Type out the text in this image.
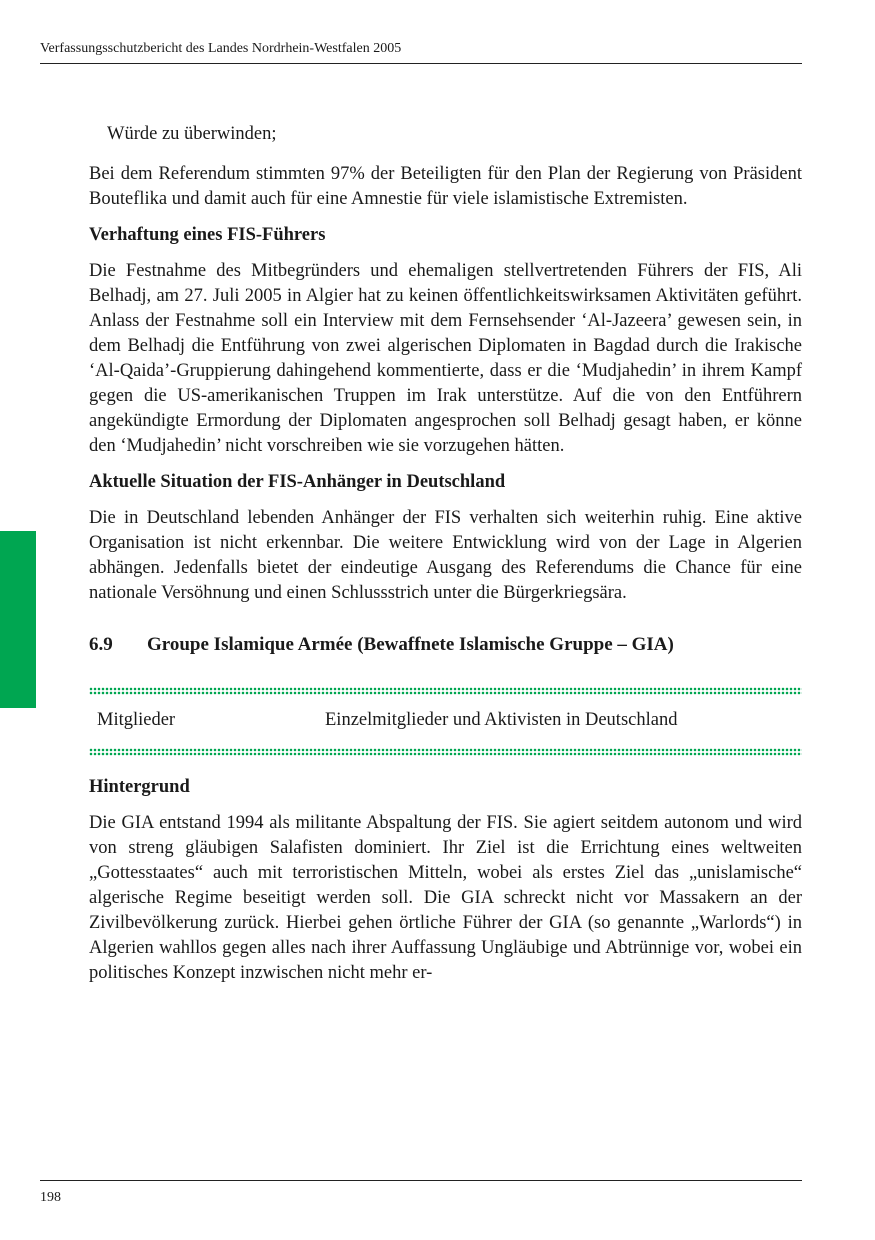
Verfassungsschutzbericht des Landes Nordrhein-Westfalen 2005

Würde zu überwinden;

Bei dem Referendum stimmten 97% der Beteiligten für den Plan der Regierung von Präsident Bouteflika und damit auch für eine Amnestie für viele islamistische Extremisten.

Verhaftung eines FIS-Führers

Die Festnahme des Mitbegründers und ehemaligen stellvertretenden Führers der FIS, Ali Belhadj, am 27. Juli 2005 in Algier hat zu keinen öffentlichkeitswirksamen Aktivitäten geführt. Anlass der Festnahme soll ein Interview mit dem Fernsehsender ‘Al-Jazeera’ gewesen sein, in dem Belhadj die Entführung von zwei algerischen Diplomaten in Bagdad durch die Irakische ‘Al-Qaida’-Gruppierung dahingehend kommentierte, dass er die ‘Mudjahedin’ in ihrem Kampf gegen die US-amerikanischen Truppen im Irak unterstütze. Auf die von den Entführern angekündigte Ermordung der Diplomaten angesprochen soll Belhadj gesagt haben, er könne den ‘Mudjahedin’ nicht vorschreiben wie sie vorzugehen hätten.

Aktuelle Situation der FIS-Anhänger in Deutschland

Die in Deutschland lebenden Anhänger der FIS verhalten sich weiterhin ruhig. Eine aktive Organisation ist nicht erkennbar. Die weitere Entwicklung wird von der Lage in Algerien abhängen. Jedenfalls bietet der eindeutige Ausgang des Referendums die Chance für eine nationale Versöhnung und einen Schlussstrich unter die Bürgerkriegsära.

6.9	Groupe Islamique Armée (Bewaffnete Islamische Gruppe – GIA)
Mitglieder	Einzelmitglieder und Aktivisten in Deutschland
Hintergrund

Die GIA entstand 1994 als militante Abspaltung der FIS. Sie agiert seitdem autonom und wird von streng gläubigen Salafisten dominiert. Ihr Ziel ist die Errichtung eines weltweiten „Gottesstaates“ auch mit terroristischen Mitteln, wobei als erstes Ziel das „unislamische“ algerische Regime beseitigt werden soll. Die GIA schreckt nicht vor Massakern an der Zivilbevölkerung zurück. Hierbei gehen örtliche Führer der GIA (so genannte „Warlords“) in Algerien wahllos gegen alles nach ihrer Auffassung Ungläubige und Abtrünnige vor, wobei ein politisches Konzept inzwischen nicht mehr er-

198
